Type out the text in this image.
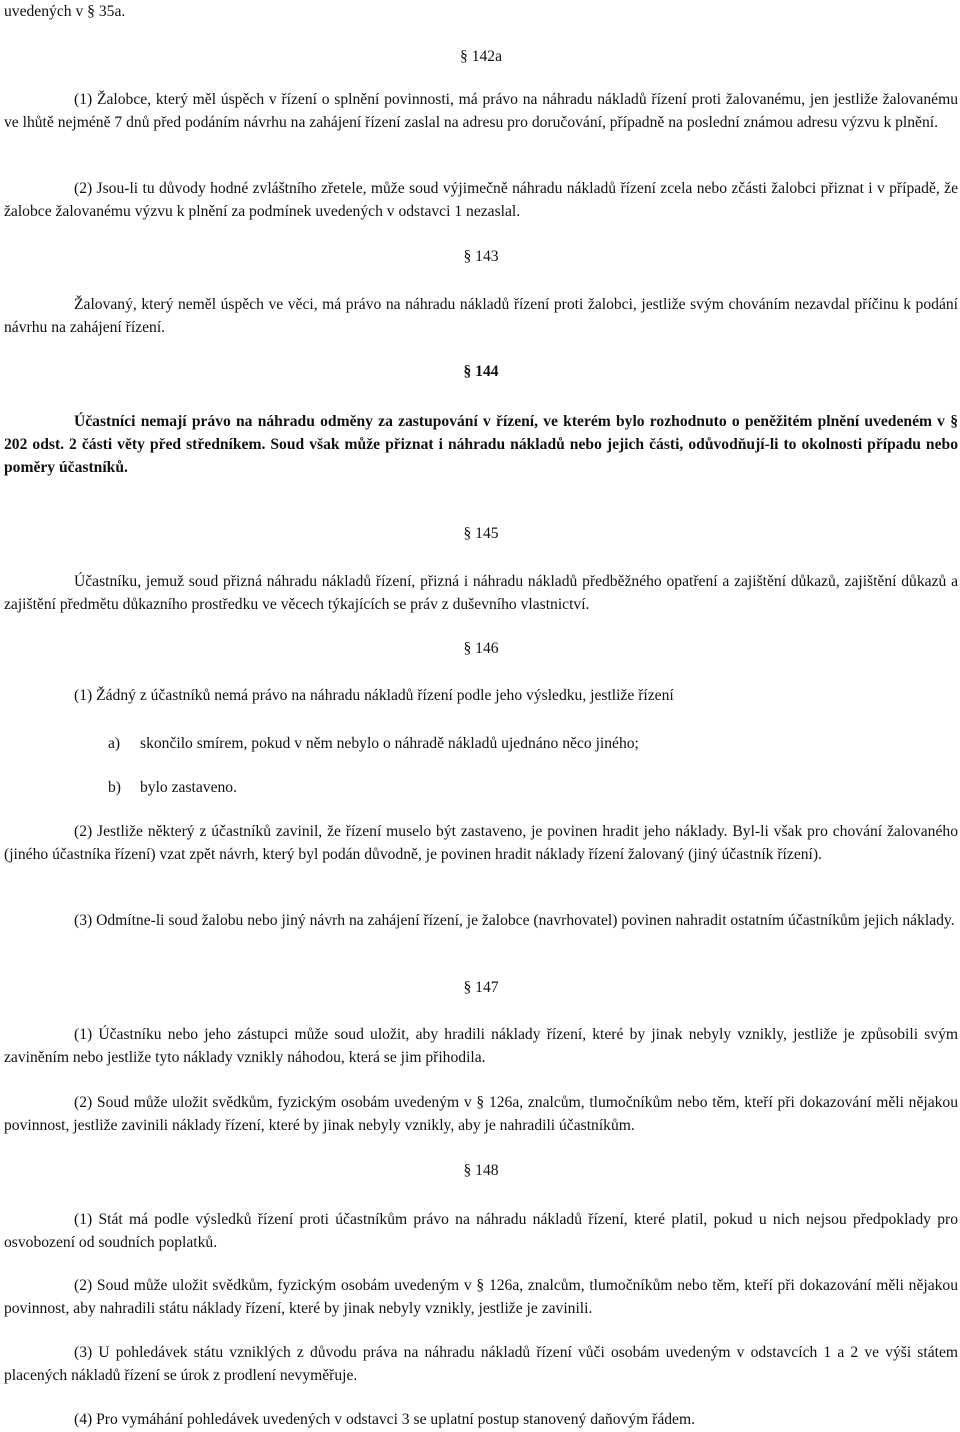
uvedených v § 35a.

§ 142a

(1) Žalobce, který měl úspěch v řízení o splnění povinnosti, má právo na náhradu nákladů řízení proti žalovanému, jen jestliže žalovanému ve lhůtě nejméně 7 dnů před podáním návrhu na zahájení řízení zaslal na adresu pro doručování, případně na poslední známou adresu výzvu k plnění.

(2) Jsou-li tu důvody hodné zvláštního zřetele, může soud výjimečně náhradu nákladů řízení zcela nebo zčásti žalobci přiznat i v případě, že žalobce žalovanému výzvu k plnění za podmínek uvedených v odstavci 1 nezaslal.

§ 143

Žalovaný, který neměl úspěch ve věci, má právo na náhradu nákladů řízení proti žalobci, jestliže svým chováním nezavdal příčinu k podání návrhu na zahájení řízení.

§ 144

Účastníci nemají právo na náhradu odměny za zastupování v řízení, ve kterém bylo rozhodnuto o peněžitém plnění uvedeném v § 202 odst. 2 části věty před středníkem. Soud však může přiznat i náhradu nákladů nebo jejich části, odůvodňují-li to okolnosti případu nebo poměry účastníků.

§ 145

Účastníku, jemuž soud přizná náhradu nákladů řízení, přizná i náhradu nákladů předběžného opatření a zajištění důkazů, zajištění důkazů a zajištění předmětu důkazního prostředku ve věcech týkajících se práv z duševního vlastnictví.

§ 146

(1) Žádný z účastníků nemá právo na náhradu nákladů řízení podle jeho výsledku, jestliže řízení

a) skončilo smírem, pokud v něm nebylo o náhradě nákladů ujednáno něco jiného;

b) bylo zastaveno.

(2) Jestliže některý z účastníků zavinil, že řízení muselo být zastaveno, je povinen hradit jeho náklady. Byl-li však pro chování žalovaného (jiného účastníka řízení) vzat zpět návrh, který byl podán důvodně, je povinen hradit náklady řízení žalovaný (jiný účastník řízení).

(3) Odmítne-li soud žalobu nebo jiný návrh na zahájení řízení, je žalobce (navrhovatel) povinen nahradit ostatním účastníkům jejich náklady.

§ 147

(1) Účastníku nebo jeho zástupci může soud uložit, aby hradili náklady řízení, které by jinak nebyly vznikly, jestliže je způsobili svým zaviněním nebo jestliže tyto náklady vznikly náhodou, která se jim přihodila.

(2) Soud může uložit svědkům, fyzickým osobám uvedeným v § 126a, znalcům, tlumočníkům nebo těm, kteří při dokazování měli nějakou povinnost, jestliže zavinili náklady řízení, které by jinak nebyly vznikly, aby je nahradili účastníkům.

§ 148

(1) Stát má podle výsledků řízení proti účastníkům právo na náhradu nákladů řízení, které platil, pokud u nich nejsou předpoklady pro osvobození od soudních poplatků.

(2) Soud může uložit svědkům, fyzickým osobám uvedeným v § 126a, znalcům, tlumočníkům nebo těm, kteří při dokazování měli nějakou povinnost, aby nahradili státu náklady řízení, které by jinak nebyly vznikly, jestliže je zavinili.

(3) U pohledávek státu vzniklých z důvodu práva na náhradu nákladů řízení vůči osobám uvedeným v odstavcích 1 a 2 ve výši státem placených nákladů řízení se úrok z prodlení nevyměřuje.

(4) Pro vymáhání pohledávek uvedených v odstavci 3 se uplatní postup stanovený daňovým řádem.
